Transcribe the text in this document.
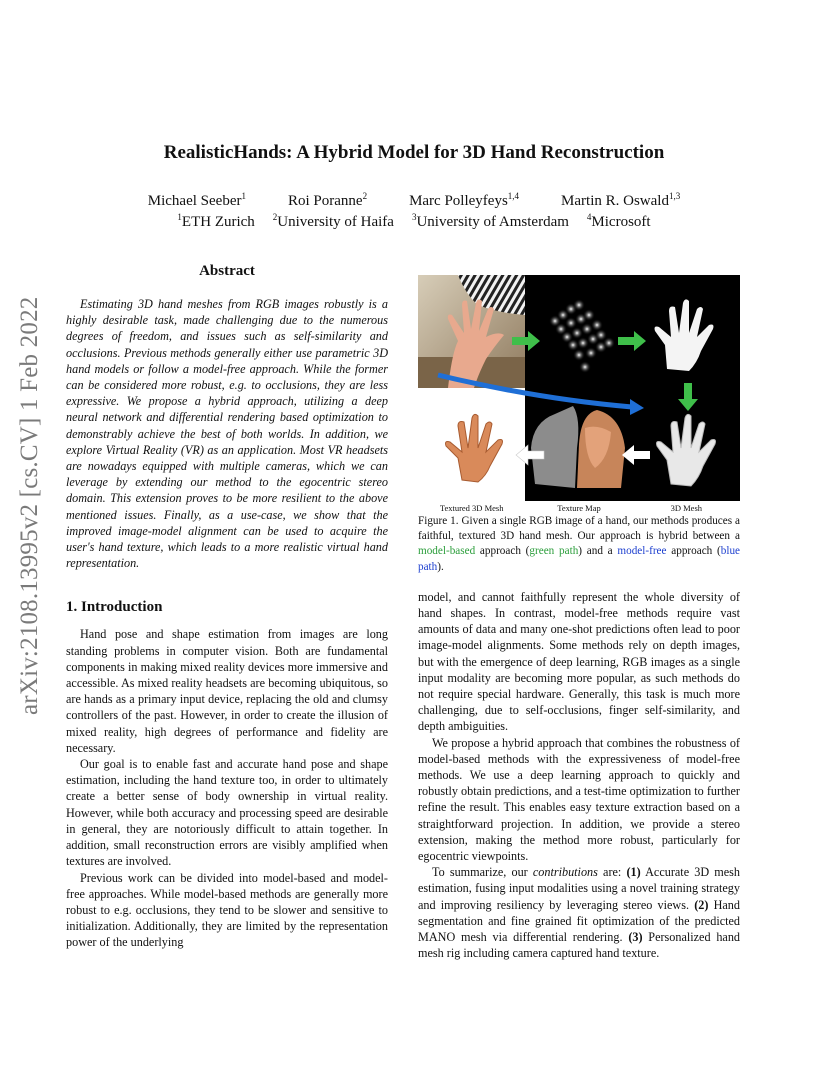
arXiv:2108.13995v2 [cs.CV] 1 Feb 2022
RealisticHands: A Hybrid Model for 3D Hand Reconstruction
Michael Seeber$^1$	Roi Poranne$^2$	Marc Polleyfeys$^{1,4}$	Martin R. Oswald$^{1,3}$
$^1$ETH Zurich $^2$University of Haifa $^3$University of Amsterdam $^4$Microsoft
Abstract

Estimating 3D hand meshes from RGB images robustly is a highly desirable task, made challenging due to the numerous degrees of freedom, and issues such as self-similarity and occlusions. Previous methods generally either use parametric 3D hand models or follow a model-free approach. While the former can be considered more robust, e.g. to occlusions, they are less expressive. We propose a hybrid approach, utilizing a deep neural network and differential rendering based optimization to demonstrably achieve the best of both worlds. In addition, we explore Virtual Reality (VR) as an application. Most VR headsets are nowadays equipped with multiple cameras, which we can leverage by extending our method to the egocentric stereo domain. This extension proves to be more resilient to the above mentioned issues. Finally, as a use-case, we show that the improved image-model alignment can be used to acquire the user's hand texture, which leads to a more realistic virtual hand representation.

1. Introduction

Hand pose and shape estimation from images are long standing problems in computer vision. Both are fundamental components in making mixed reality devices more immersive and accessible. As mixed reality headsets are becoming ubiquitous, so are hands as a primary input device, replacing the old and clumsy controllers of the past. However, in order to create the illusion of mixed reality, high degrees of performance and fidelity are necessary.

Our goal is to enable fast and accurate hand pose and shape estimation, including the hand texture too, in order to ultimately create a better sense of body ownership in virtual reality. However, while both accuracy and processing speed are desirable in general, they are notoriously difficult to attain together. In addition, small reconstruction errors are visibly amplified when textures are involved.

Previous work can be divided into model-based and model-free approaches. While model-based methods are generally more robust to e.g. occlusions, they tend to be slower and sensitive to initialization. Additionally, they are limited by the representation power of the underlying

Textured 3D Mesh	Texture Map	3D Mesh

Figure 1. Given a single RGB image of a hand, our methods produces a faithful, textured 3D hand mesh. Our approach is hybrid between a model-based approach (green path) and a model-free approach (blue path).

model, and cannot faithfully represent the whole diversity of hand shapes. In contrast, model-free methods require vast amounts of data and many one-shot predictions often lead to poor image-model alignments. Some methods rely on depth images, but with the emergence of deep learning, RGB images as a single input modality are becoming more popular, as such methods do not require special hardware. Generally, this task is much more challenging, due to self-occlusions, finger self-similarity, and depth ambiguities.

We propose a hybrid approach that combines the robustness of model-based methods with the expressiveness of model-free methods. We use a deep learning approach to quickly and robustly obtain predictions, and a test-time optimization to further refine the result. This enables easy texture extraction based on a straightforward projection. In addition, we provide a stereo extension, making the method more robust, particularly for egocentric viewpoints.

To summarize, our contributions are: (1) Accurate 3D mesh estimation, fusing input modalities using a novel training strategy and improving resiliency by leveraging stereo views. (2) Hand segmentation and fine grained fit optimization of the predicted MANO mesh via differential rendering. (3) Personalized hand mesh rig including camera captured hand texture.
